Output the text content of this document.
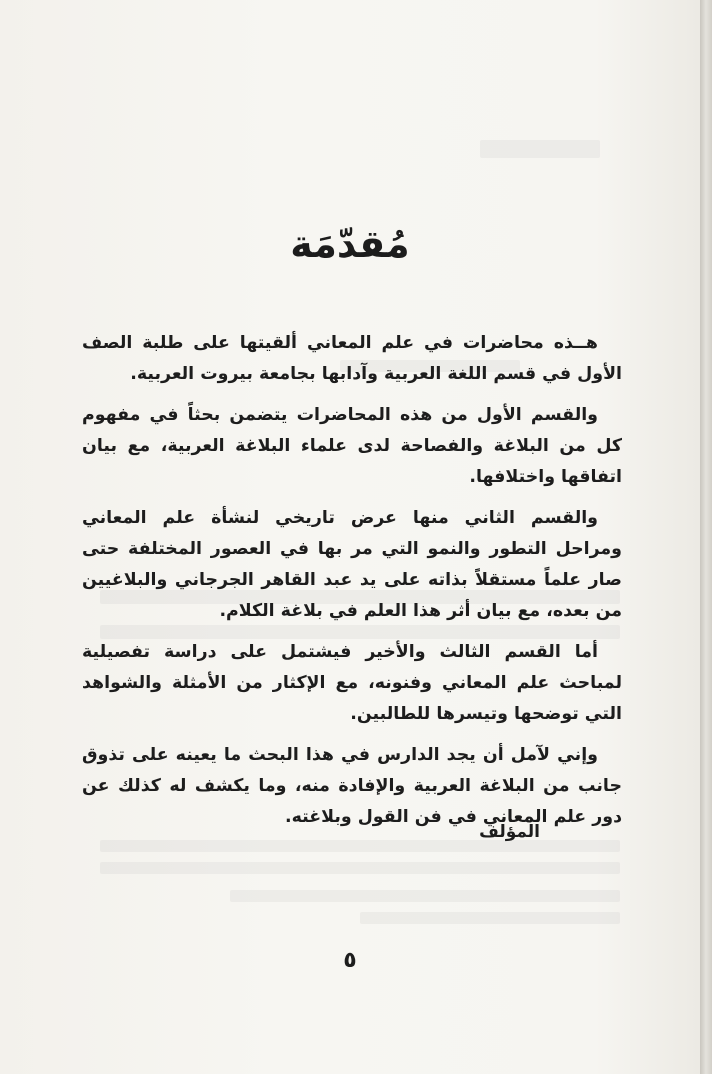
مُقدّمَة

هــذه محاضرات في علم المعاني ألقيتها على طلبة الصف الأول في قسم اللغة العربية وآدابها بجامعة بيروت العربية.

والقسم الأول من هذه المحاضرات يتضمن بحثاً في مفهوم كل من البلاغة والفصاحة لدى علماء البلاغة العربية، مع بيان اتفاقها واختلافها.

والقسم الثاني منها عرض تاريخي لنشأة علم المعاني ومراحل التطور والنمو التي مر بها في العصور المختلفة حتى صار علماً مستقلاً بذاته على يد عبد القاهر الجرجاني والبلاغيين من بعده، مع بيان أثر هذا العلم في بلاغة الكلام.

أما القسم الثالث والأخير فيشتمل على دراسة تفصيلية لمباحث علم المعاني وفنونه، مع الإكثار من الأمثلة والشواهد التي توضحها وتيسرها للطالبين.

وإني لآمل أن يجد الدارس في هذا البحث ما يعينه على تذوق جانب من البلاغة العربية والإفادة منه، وما يكشف له كذلك عن دور علم المعاني في فن القول وبلاغته.

المؤلف
٥
